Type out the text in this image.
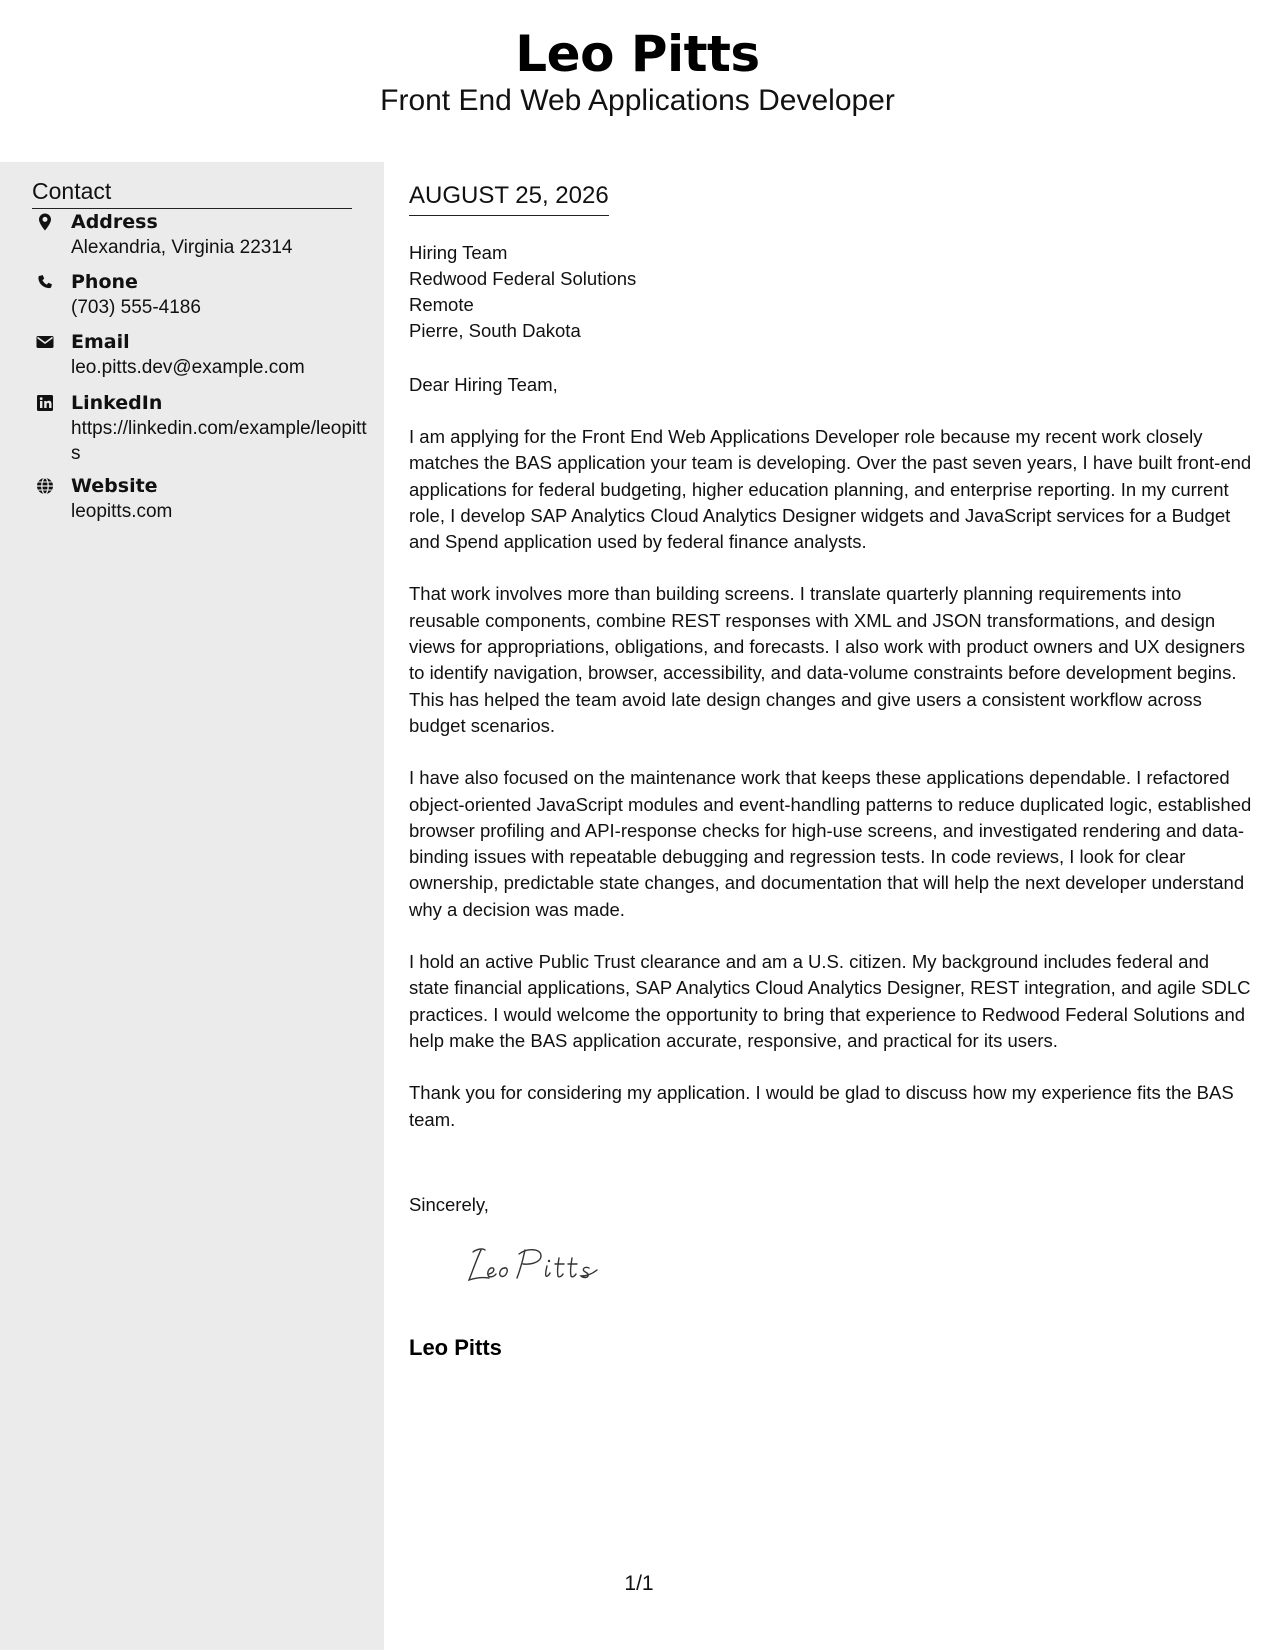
Leo Pitts
Front End Web Applications Developer
Contact
Address
Alexandria, Virginia 22314
Phone
(703) 555-4186
Email
leo.pitts.dev@example.com
LinkedIn
https://linkedin.com/example/leopitts
Website
leopitts.com
AUGUST 25, 2026
Hiring Team
Redwood Federal Solutions
Remote
Pierre, South Dakota
Dear Hiring Team,

I am applying for the Front End Web Applications Developer role because my recent work closely matches the BAS application your team is developing. Over the past seven years, I have built front-end applications for federal budgeting, higher education planning, and enterprise reporting. In my current role, I develop SAP Analytics Cloud Analytics Designer widgets and JavaScript services for a Budget and Spend application used by federal finance analysts.

That work involves more than building screens. I translate quarterly planning requirements into reusable components, combine REST responses with XML and JSON transformations, and design views for appropriations, obligations, and forecasts. I also work with product owners and UX designers to identify navigation, browser, accessibility, and data-volume constraints before development begins. This has helped the team avoid late design changes and give users a consistent workflow across budget scenarios.

I have also focused on the maintenance work that keeps these applications dependable. I refactored object-oriented JavaScript modules and event-handling patterns to reduce duplicated logic, established browser profiling and API-response checks for high-use screens, and investigated rendering and data-binding issues with repeatable debugging and regression tests. In code reviews, I look for clear ownership, predictable state changes, and documentation that will help the next developer understand why a decision was made.

I hold an active Public Trust clearance and am a U.S. citizen. My background includes federal and state financial applications, SAP Analytics Cloud Analytics Designer, REST integration, and agile SDLC practices. I would welcome the opportunity to bring that experience to Redwood Federal Solutions and help make the BAS application accurate, responsive, and practical for its users.

Thank you for considering my application. I would be glad to discuss how my experience fits the BAS team.

Sincerely,
Leo Pitts
1/1
